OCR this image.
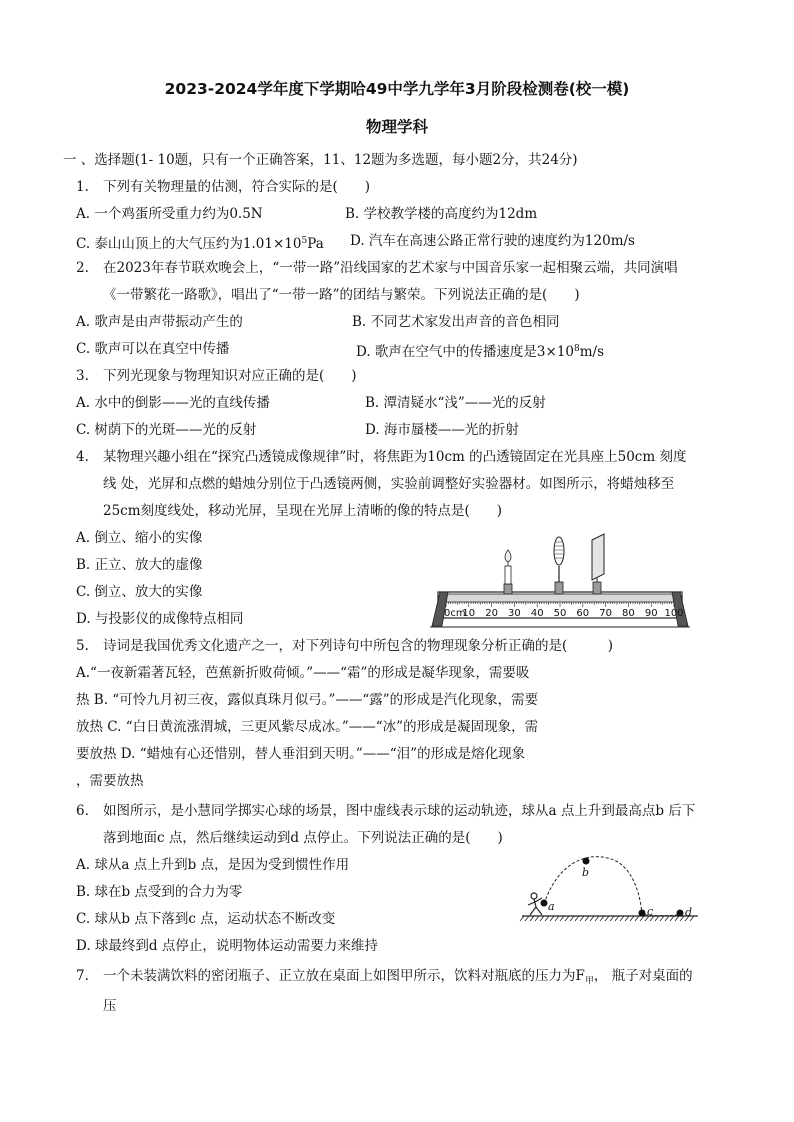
2023-2024学年度下学期哈49中学九学年3月阶段检测卷(校一模)
物理学科
一 、选择题(1- 10题，只有一个正确答案，11、12题为多选题，每小题2分，共24分)
1. 下列有关物理量的估测，符合实际的是(　　)
A. 一个鸡蛋所受重力约为0.5N	B. 学校教学楼的高度约为12dm
C. 泰山山顶上的大气压约为$1.01\times 10^5Pa$ D. 汽车在高速公路正常行驶的速度约为120m/s
2. 在2023年春节联欢晚会上，“一带一路”沿线国家的艺术家与中国音乐家一起相聚云端，共同演唱
《一带繁花一路歌》，唱出了“一带一路”的团结与繁荣。下列说法正确的是(　　)
A. 歌声是由声带振动产生的	B. 不同艺术家发出声音的音色相同
C. 歌声可以在真空中传播	D. 歌声在空气中的传播速度是$3\times 10^8m/s$
3. 下列光现象与物理知识对应正确的是(　　)
A. 水中的倒影——光的直线传播	B. 潭清疑水“浅”——光的反射
C. 树荫下的光斑——光的反射	D. 海市蜃楼——光的折射
4. 某物理兴趣小组在“探究凸透镜成像规律”时，将焦距为10cm 的凸透镜固定在光具座上50cm 刻度
线 处，光屏和点燃的蜡烛分别位于凸透镜两侧，实验前调整好实验器材。如图所示，将蜡烛移至
25cm刻度线处，移动光屏，呈现在光屏上清晰的像的特点是(　　)
A. 倒立、缩小的实像
B. 正立、放大的虚像
C. 倒立、放大的实像
D. 与投影仪的成像特点相同	0cm
10 20 30 40 50 60 70 80 90 100
5. 诗词是我国优秀文化遗产之一，对下列诗句中所包含的物理现象分析正确的是(　　　)
A.“一夜新霜著瓦轻，芭蕉新折败荷倾。”——“霜”的形成是凝华现象，需要吸
热 B. “可怜九月初三夜，露似真珠月似弓。”——“露”的形成是汽化现象，需要
放热 C. “白日黄流涨渭城，三更风紫尽成冰。”——“冰”的形成是凝固现象，需
要放热 D. “蜡烛有心还惜别，替人垂泪到天明。”——“泪”的形成是熔化现象
，需要放热
6. 如图所示，是小慧同学掷实心球的场景，图中虚线表示球的运动轨迹，球从a 点上升到最高点b 后下
落到地面c 点，然后继续运动到d 点停止。下列说法正确的是(　　)
A. 球从a 点上升到b 点，是因为受到惯性作用
B. 球在b 点受到的合力为零
C. 球从b 点下落到c 点，运动状态不断改变
D. 球最终到d 点停止，说明物体运动需要力来维持
a
b
c	d
7. 一个未装满饮料的密闭瓶子、正立放在桌面上如图甲所示，饮料对瓶底的压力为$F_甲$， 瓶子对桌面的
压
